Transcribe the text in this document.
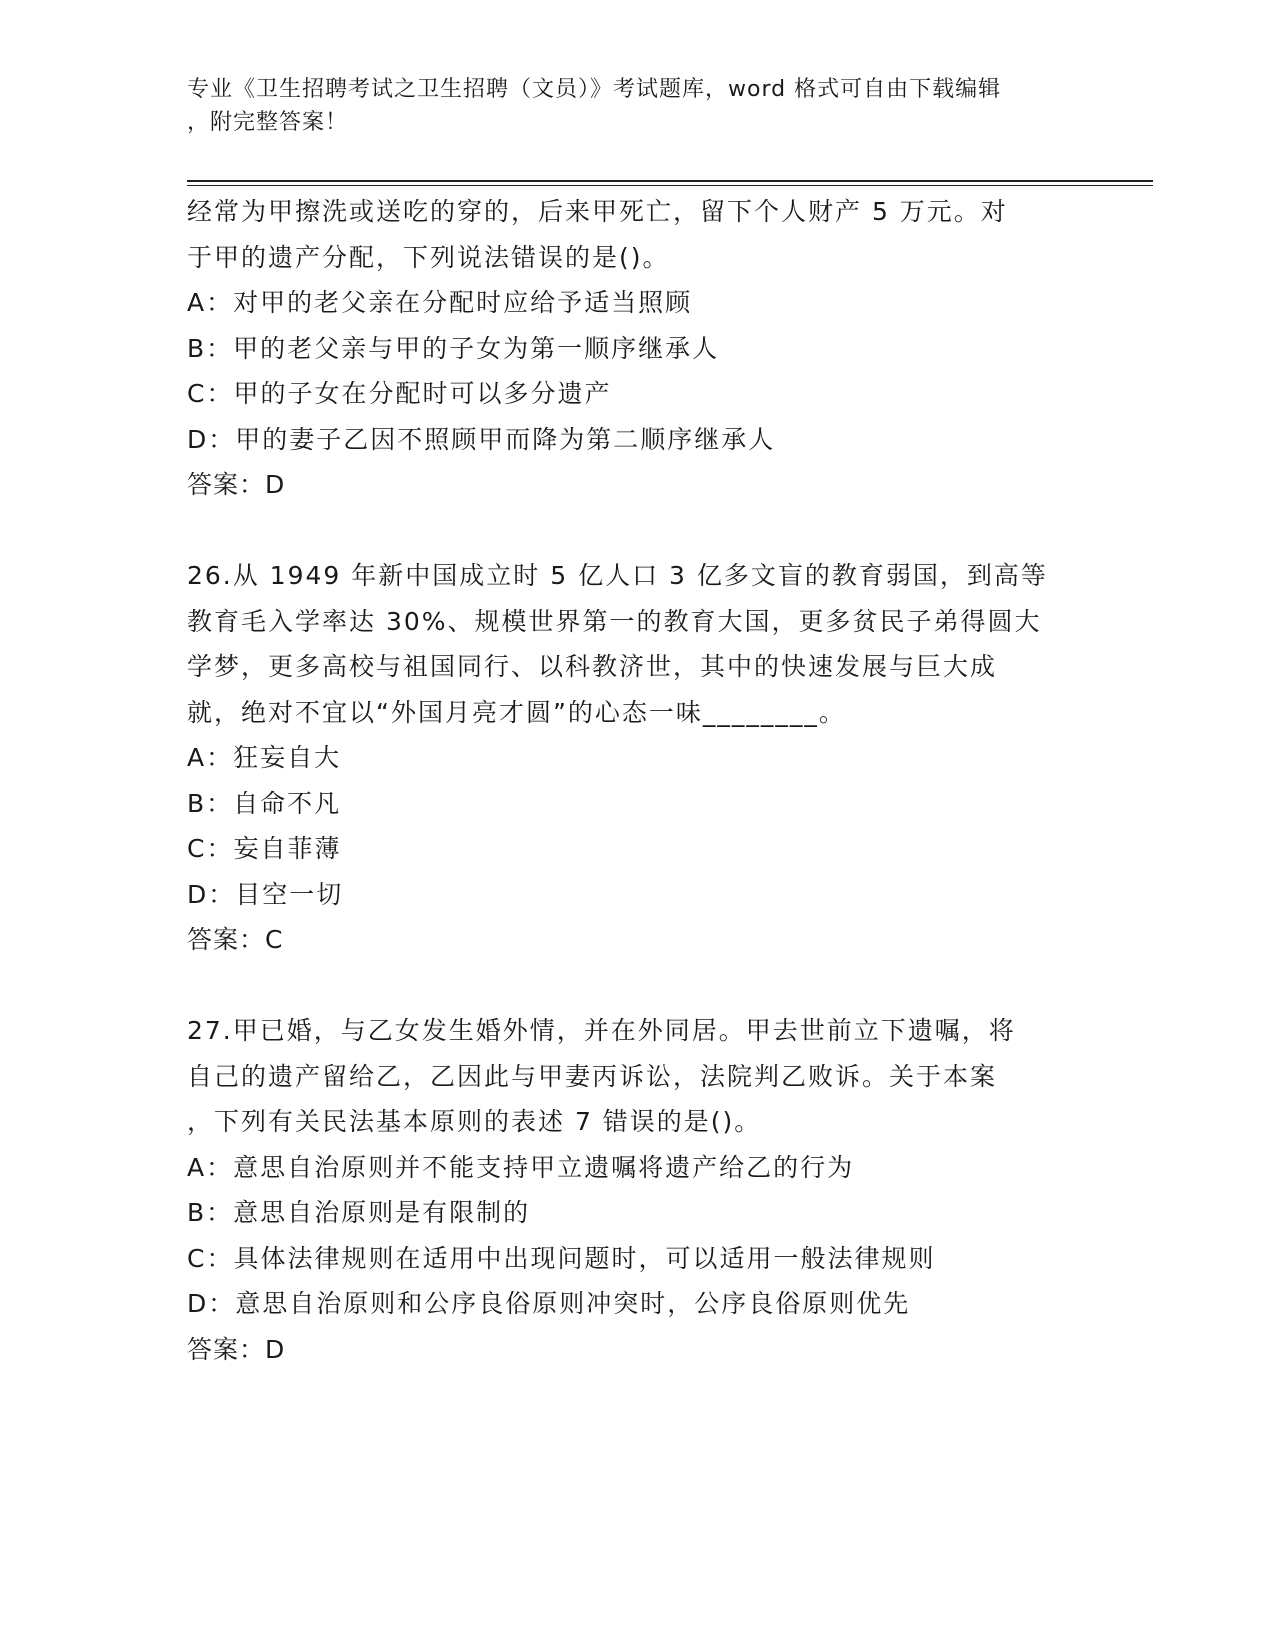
专业《卫生招聘考试之卫生招聘（文员）》考试题库，word 格式可自由下载编辑
，附完整答案！
经常为甲擦洗或送吃的穿的，后来甲死亡，留下个人财产 5 万元。对
于甲的遗产分配，下列说法错误的是()。
A：对甲的老父亲在分配时应给予适当照顾
B：甲的老父亲与甲的子女为第一顺序继承人
C：甲的子女在分配时可以多分遗产
D：甲的妻子乙因不照顾甲而降为第二顺序继承人
答案：D
26.从 1949 年新中国成立时 5 亿人口 3 亿多文盲的教育弱国，到高等
教育毛入学率达 30%、规模世界第一的教育大国，更多贫民子弟得圆大
学梦，更多高校与祖国同行、以科教济世，其中的快速发展与巨大成
就，绝对不宜以“外国月亮才圆”的心态一味________。
A：狂妄自大
B：自命不凡
C：妄自菲薄
D：目空一切
答案：C
27.甲已婚，与乙女发生婚外情，并在外同居。甲去世前立下遗嘱，将
自己的遗产留给乙，乙因此与甲妻丙诉讼，法院判乙败诉。关于本案
，下列有关民法基本原则的表述 7 错误的是()。
A：意思自治原则并不能支持甲立遗嘱将遗产给乙的行为
B：意思自治原则是有限制的
C：具体法律规则在适用中出现问题时，可以适用一般法律规则
D：意思自治原则和公序良俗原则冲突时，公序良俗原则优先
答案：D
